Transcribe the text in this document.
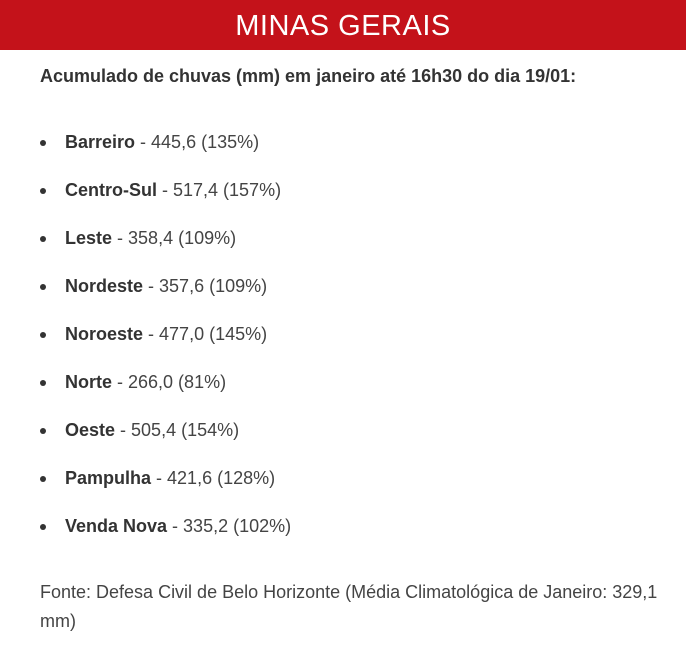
MINAS GERAIS
Acumulado de chuvas (mm) em janeiro até 16h30 do dia 19/01:
Barreiro - 445,6 (135%)
Centro-Sul - 517,4 (157%)
Leste - 358,4 (109%)
Nordeste - 357,6 (109%)
Noroeste - 477,0 (145%)
Norte - 266,0 (81%)
Oeste - 505,4 (154%)
Pampulha - 421,6 (128%)
Venda Nova - 335,2 (102%)
Fonte: Defesa Civil de Belo Horizonte (Média Climatológica de Janeiro: 329,1 mm)
